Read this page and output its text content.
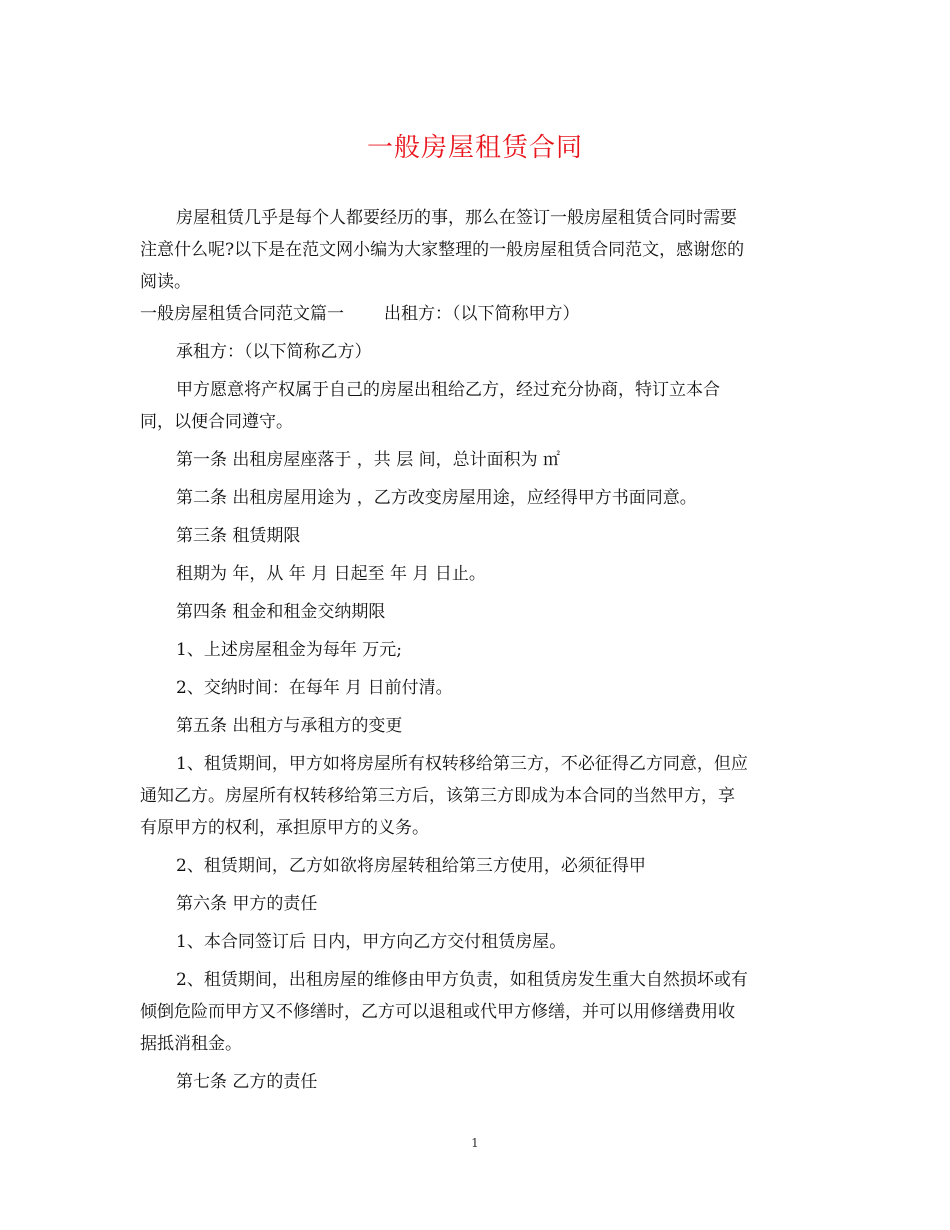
一般房屋租赁合同

房屋租赁几乎是每个人都要经历的事，那么在签订一般房屋租赁合同时需要
注意什么呢?以下是在范文网小编为大家整理的一般房屋租赁合同范文，感谢您的
阅读。

一般房屋租赁合同范文篇一 出租方：（以下简称甲方）

承租方：（以下简称乙方）

甲方愿意将产权属于自己的房屋出租给乙方，经过充分协商，特订立本合
同，以便合同遵守。

第一条 出租房屋座落于 ，共 层 间，总计面积为 ㎡

第二条 出租房屋用途为 ，乙方改变房屋用途，应经得甲方书面同意。

第三条 租赁期限

租期为 年，从 年 月 日起至 年 月 日止。

第四条 租金和租金交纳期限

1、上述房屋租金为每年 万元;

2、交纳时间：在每年 月 日前付清。

第五条 出租方与承租方的变更

1、租赁期间，甲方如将房屋所有权转移给第三方，不必征得乙方同意，但应
通知乙方。房屋所有权转移给第三方后，该第三方即成为本合同的当然甲方，享
有原甲方的权利，承担原甲方的义务。

2、租赁期间，乙方如欲将房屋转租给第三方使用，必须征得甲

第六条 甲方的责任

1、本合同签订后 日内，甲方向乙方交付租赁房屋。

2、租赁期间，出租房屋的维修由甲方负责，如租赁房发生重大自然损坏或有
倾倒危险而甲方又不修缮时，乙方可以退租或代甲方修缮，并可以用修缮费用收
据抵消租金。

第七条 乙方的责任

1
